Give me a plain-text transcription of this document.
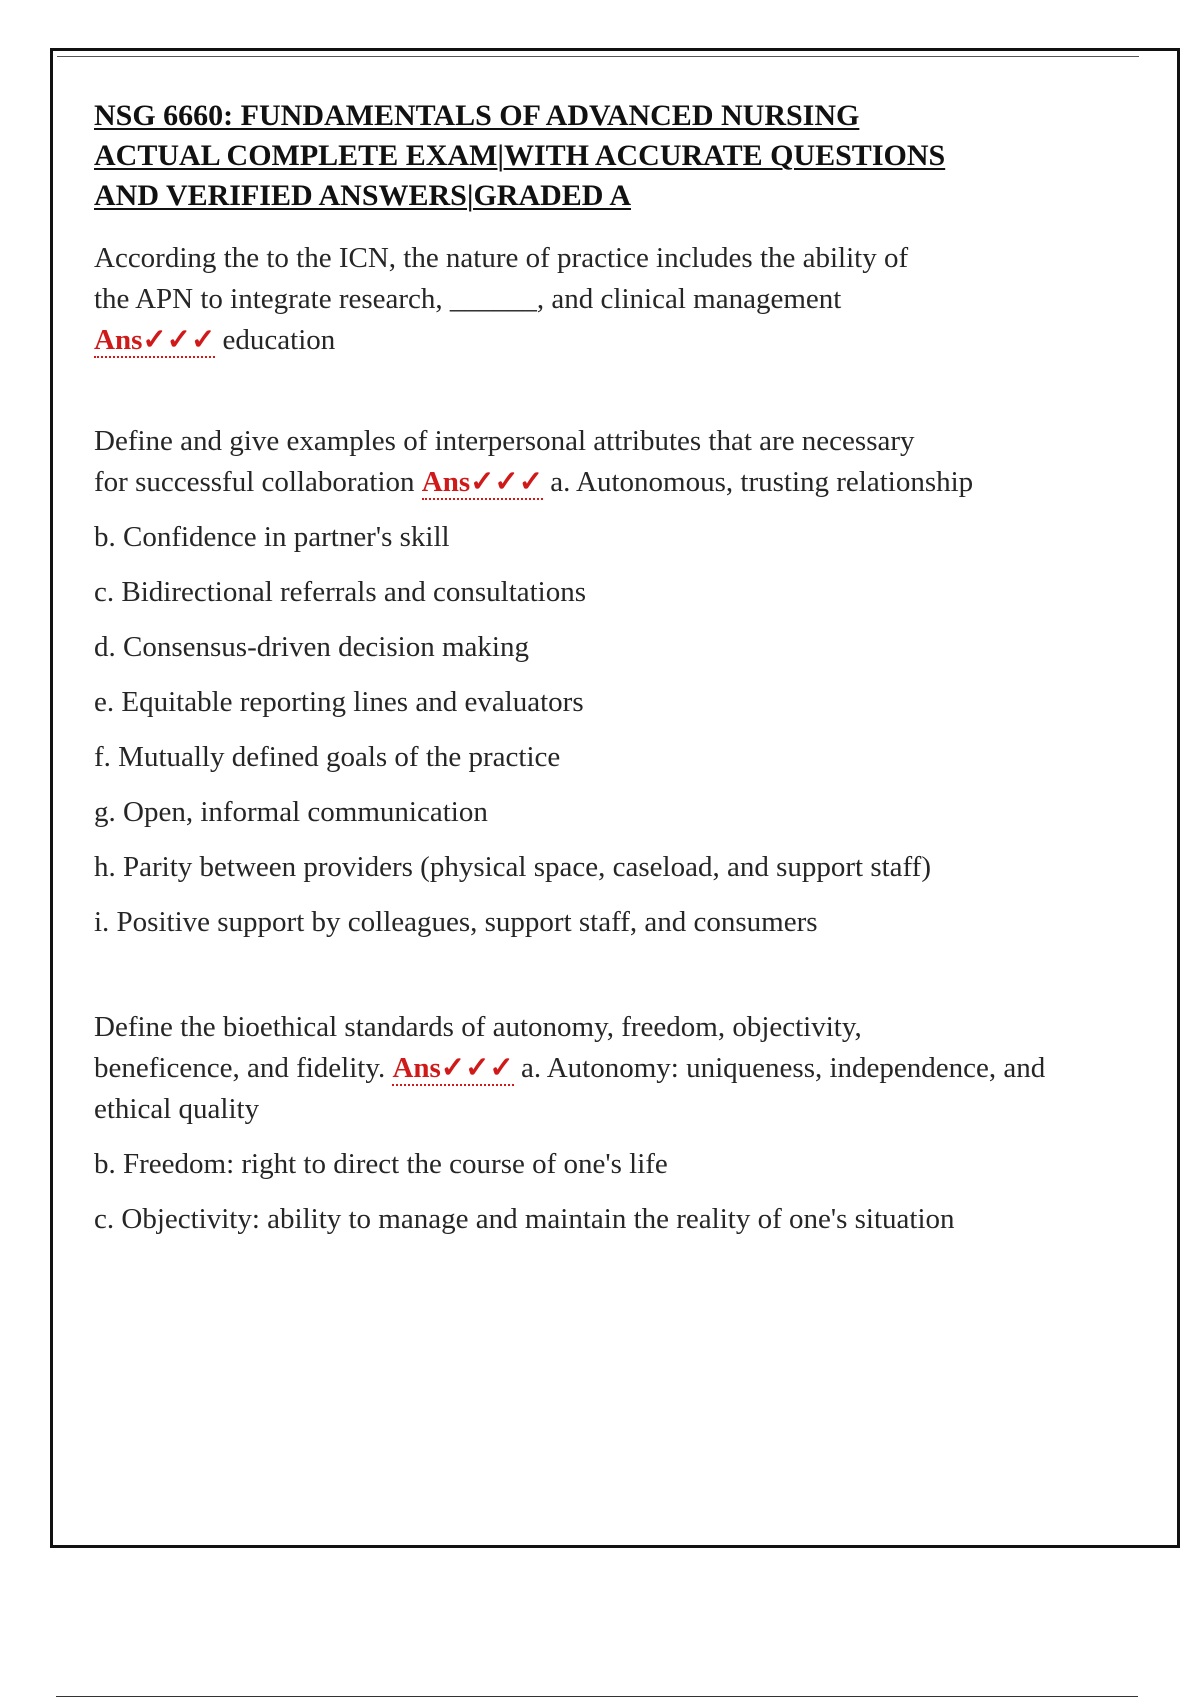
NSG 6660: FUNDAMENTALS OF ADVANCED NURSING
ACTUAL COMPLETE EXAM|WITH ACCURATE QUESTIONS
AND VERIFIED ANSWERS|GRADED A

According the to the ICN, the nature of practice includes the ability of
the APN to integrate research, ______, and clinical management
Ans✓✓✓ education

Define and give examples of interpersonal attributes that are necessary
for successful collaboration Ans✓✓✓ a. Autonomous, trusting relationship

b. Confidence in partner's skill

c. Bidirectional referrals and consultations

d. Consensus-driven decision making

e. Equitable reporting lines and evaluators

f. Mutually defined goals of the practice

g. Open, informal communication

h. Parity between providers (physical space, caseload, and support staff)

i. Positive support by colleagues, support staff, and consumers

Define the bioethical standards of autonomy, freedom, objectivity,
beneficence, and fidelity. Ans✓✓✓ a. Autonomy: uniqueness, independence, and ethical quality

b. Freedom: right to direct the course of one's life

c. Objectivity: ability to manage and maintain the reality of one's situation
